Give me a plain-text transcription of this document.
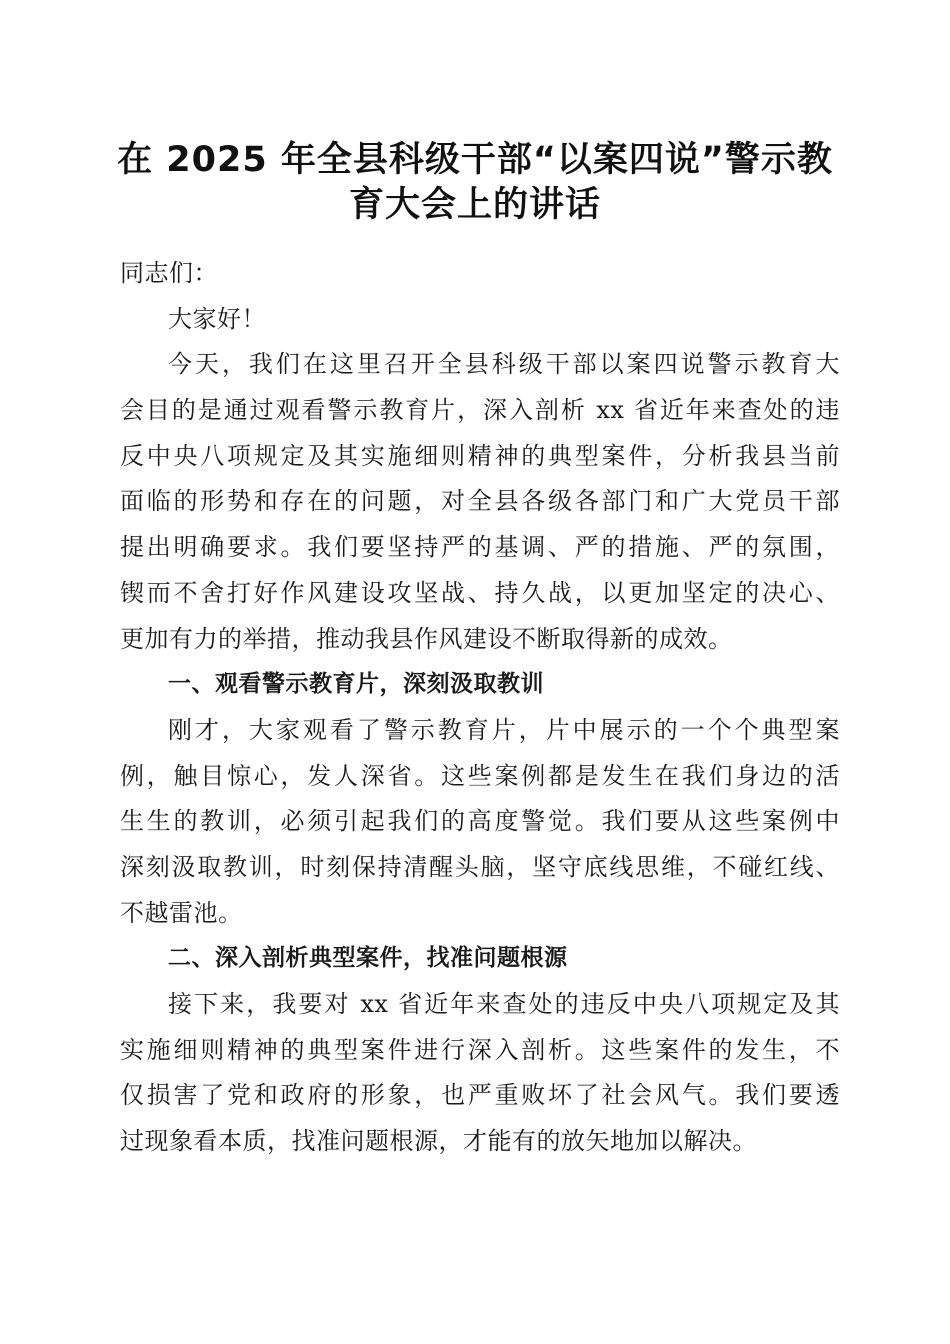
在 2025 年全县科级干部“以案四说”警示教
育大会上的讲话
同志们：
大家好！
今天，我们在这里召开全县科级干部以案四说警示教育大
会目的是通过观看警示教育片，深入剖析 xx 省近年来查处的违
反中央八项规定及其实施细则精神的典型案件，分析我县当前
面临的形势和存在的问题，对全县各级各部门和广大党员干部
提出明确要求。我们要坚持严的基调、严的措施、严的氛围，
锲而不舍打好作风建设攻坚战、持久战，以更加坚定的决心、
更加有力的举措，推动我县作风建设不断取得新的成效。
一、观看警示教育片，深刻汲取教训
刚才，大家观看了警示教育片，片中展示的一个个典型案
例，触目惊心，发人深省。这些案例都是发生在我们身边的活
生生的教训，必须引起我们的高度警觉。我们要从这些案例中
深刻汲取教训，时刻保持清醒头脑，坚守底线思维，不碰红线、
不越雷池。
二、深入剖析典型案件，找准问题根源
接下来，我要对 xx 省近年来查处的违反中央八项规定及其
实施细则精神的典型案件进行深入剖析。这些案件的发生，不
仅损害了党和政府的形象，也严重败坏了社会风气。我们要透
过现象看本质，找准问题根源，才能有的放矢地加以解决。
